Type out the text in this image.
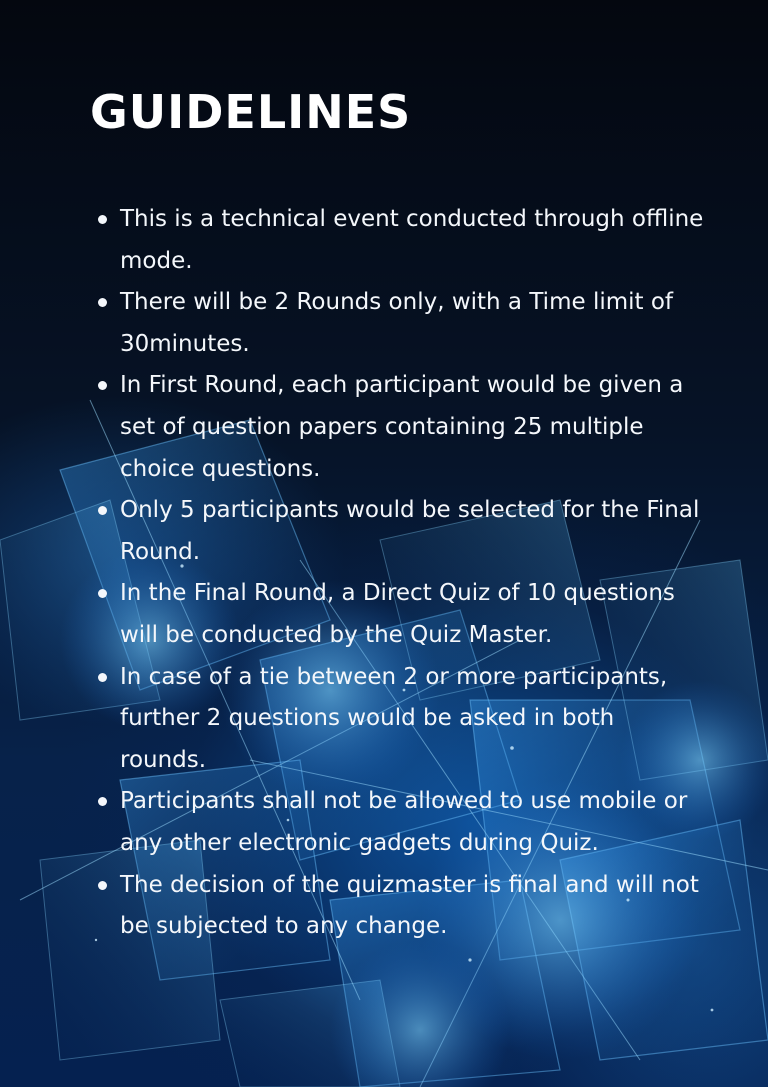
GUIDELINES
This is a technical event conducted through offline mode.
There will be 2 Rounds only, with a Time limit of 30minutes.
In First Round, each participant would be given a set of question papers containing 25 multiple choice questions.
Only 5 participants would be selected for the Final Round.
In the Final Round, a Direct Quiz of 10 questions will be conducted by the Quiz Master.
In case of a tie between 2 or more participants, further 2 questions would be asked in both rounds.
Participants shall not be allowed to use mobile or any other electronic gadgets during Quiz.
The decision of the quizmaster is final and will not be subjected to any change.
